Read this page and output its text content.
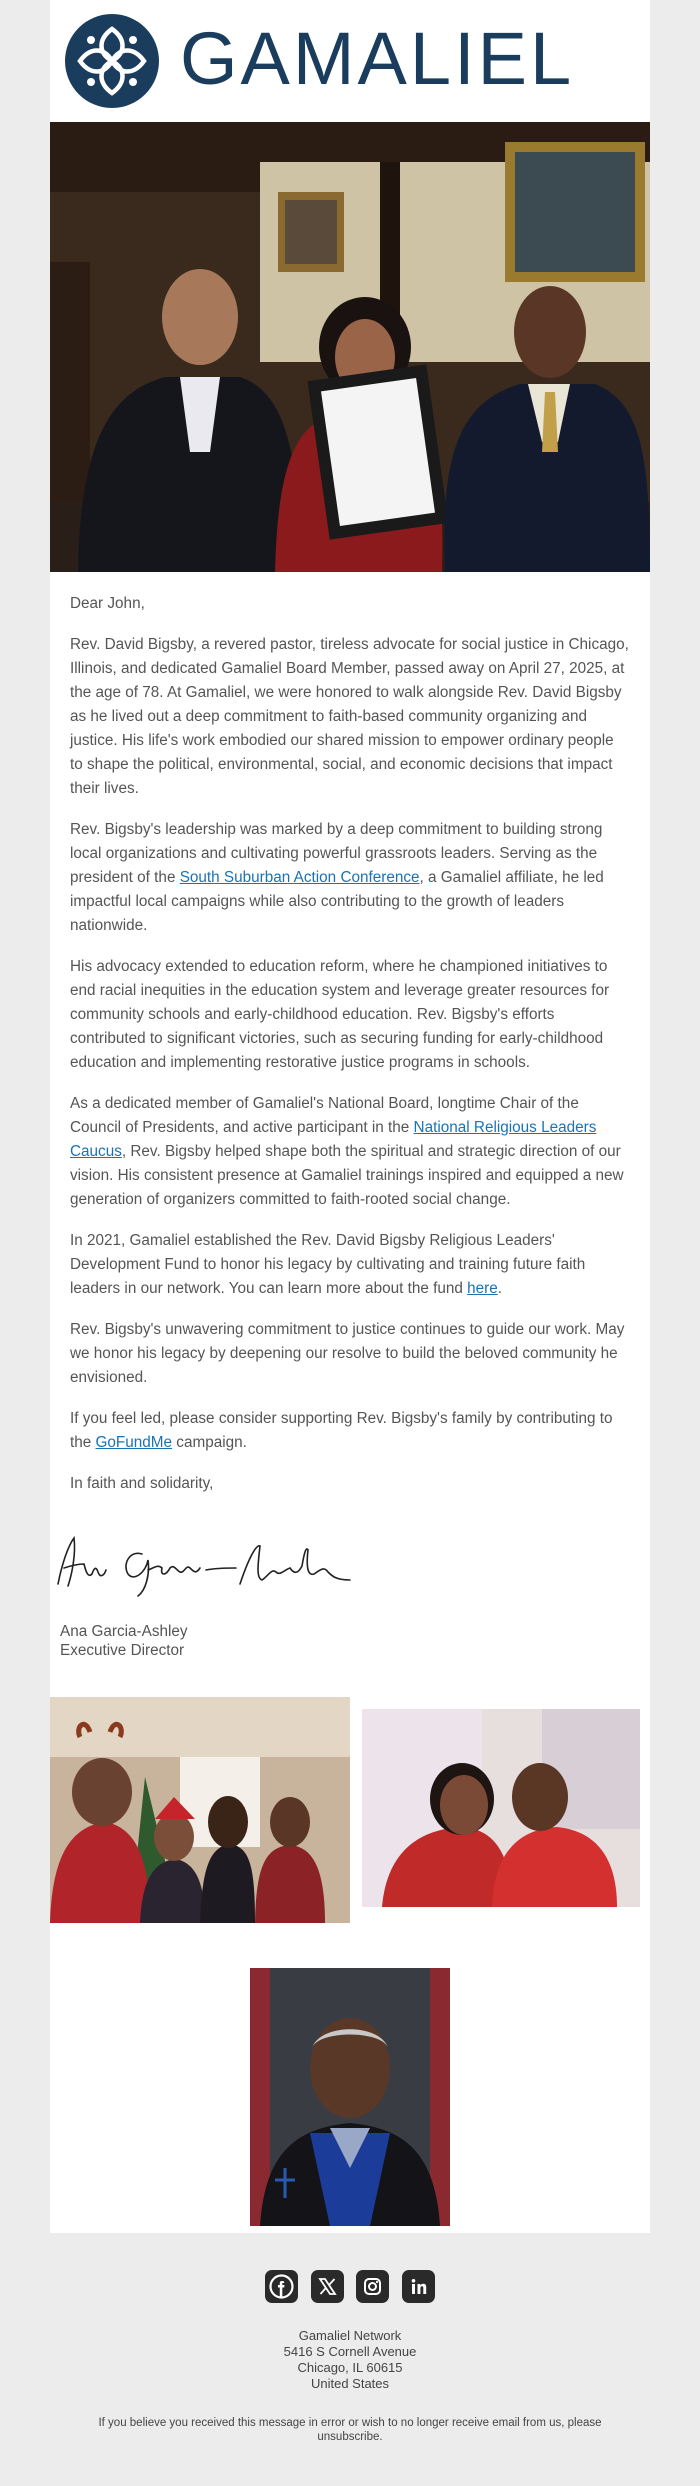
GAMALIEL

Dear John,

Rev. David Bigsby, a revered pastor, tireless advocate for social justice in Chicago, Illinois, and dedicated Gamaliel Board Member, passed away on April 27, 2025, at the age of 78. At Gamaliel, we were honored to walk alongside Rev. David Bigsby as he lived out a deep commitment to faith-based community organizing and justice. His life's work embodied our shared mission to empower ordinary people to shape the political, environmental, social, and economic decisions that impact their lives.

Rev. Bigsby's leadership was marked by a deep commitment to building strong local organizations and cultivating powerful grassroots leaders. Serving as the president of the South Suburban Action Conference, a Gamaliel affiliate, he led impactful local campaigns while also contributing to the growth of leaders nationwide.

His advocacy extended to education reform, where he championed initiatives to end racial inequities in the education system and leverage greater resources for community schools and early-childhood education. Rev. Bigsby's efforts contributed to significant victories, such as securing funding for early-childhood education and implementing restorative justice programs in schools.

As a dedicated member of Gamaliel's National Board, longtime Chair of the Council of Presidents, and active participant in the National Religious Leaders Caucus, Rev. Bigsby helped shape both the spiritual and strategic direction of our vision. His consistent presence at Gamaliel trainings inspired and equipped a new generation of organizers committed to faith-rooted social change.

In 2021, Gamaliel established the Rev. David Bigsby Religious Leaders' Development Fund to honor his legacy by cultivating and training future faith leaders in our network. You can learn more about the fund here.

Rev. Bigsby's unwavering commitment to justice continues to guide our work. May we honor his legacy by deepening our resolve to build the beloved community he envisioned.

If you feel led, please consider supporting Rev. Bigsby's family by contributing to the GoFundMe campaign.

In faith and solidarity,

Ana Garcia-Ashley
Executive Director

Gamaliel Network
5416 S Cornell Avenue
Chicago, IL 60615
United States
If you believe you received this message in error or wish to no longer receive email from us, please unsubscribe.
